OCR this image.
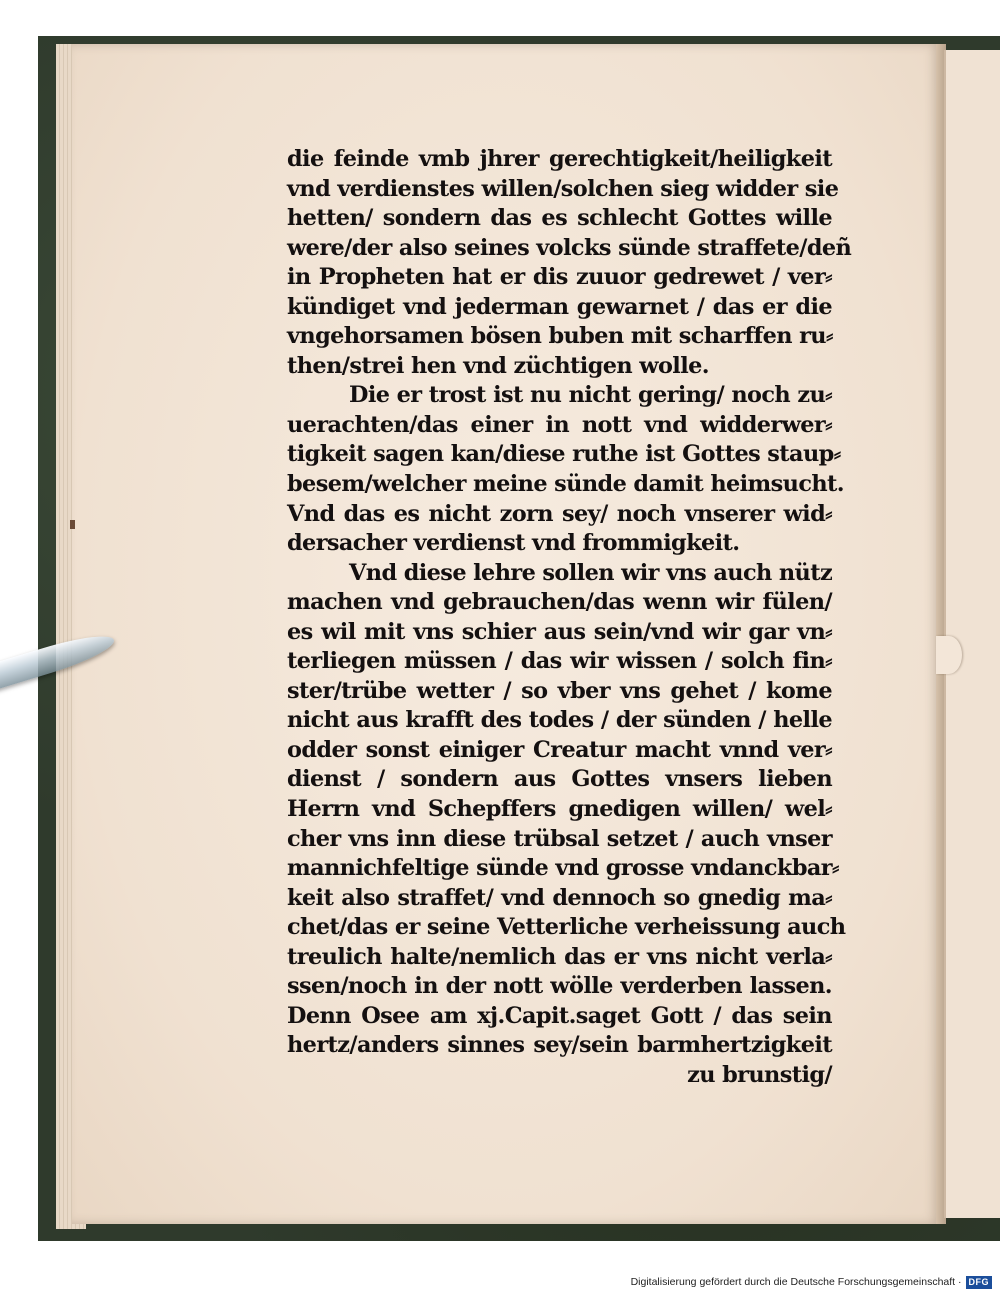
die feinde vmb jhrer gerechtigkeit/heiligkeit
vnd verdienstes willen/solchen sieg widder sie
hetten/ sondern das es schlecht Gottes wille
were/der also seines volcks sünde straffete/deñ
in Propheten hat er dis zuuor gedrewet / ver⸗
kündiget vnd jederman gewarnet / das er die
vngehorsamen bösen buben mit scharffen ru⸗
then/strei hen vnd züchtigen wolle.
Die er trost ist nu nicht gering/ noch zu⸗
uerachten/das einer in nott vnd widderwer⸗
tigkeit sagen kan/diese ruthe ist Gottes staup⸗
besem/welcher meine sünde damit heimsucht.
Vnd das es nicht zorn sey/ noch vnserer wid⸗
dersacher verdienst vnd frommigkeit.
Vnd diese lehre sollen wir vns auch nütz
machen vnd gebrauchen/das wenn wir fülen/
es wil mit vns schier aus sein/vnd wir gar vn⸗
terliegen müssen / das wir wissen / solch fin⸗
ster/trübe wetter / so vber vns gehet / kome
nicht aus krafft des todes / der sünden / helle
odder sonst einiger Creatur macht vnnd ver⸗
dienst / sondern aus Gottes vnsers lieben
Herrn vnd Schepffers gnedigen willen/ wel⸗
cher vns inn diese trübsal setzet / auch vnser
mannichfeltige sünde vnd grosse vndanckbar⸗
keit also straffet/ vnd dennoch so gnedig ma⸗
chet/das er seine Vetterliche verheissung auch
treulich halte/nemlich das er vns nicht verla⸗
ssen/noch in der nott wölle verderben lassen.
Denn Osee am xj.Capit.saget Gott / das sein
hertz/anders sinnes sey/sein barmhertzigkeit
zu brunstig/
Digitalisierung gefördert durch die Deutsche Forschungsgemeinschaft · DFG
